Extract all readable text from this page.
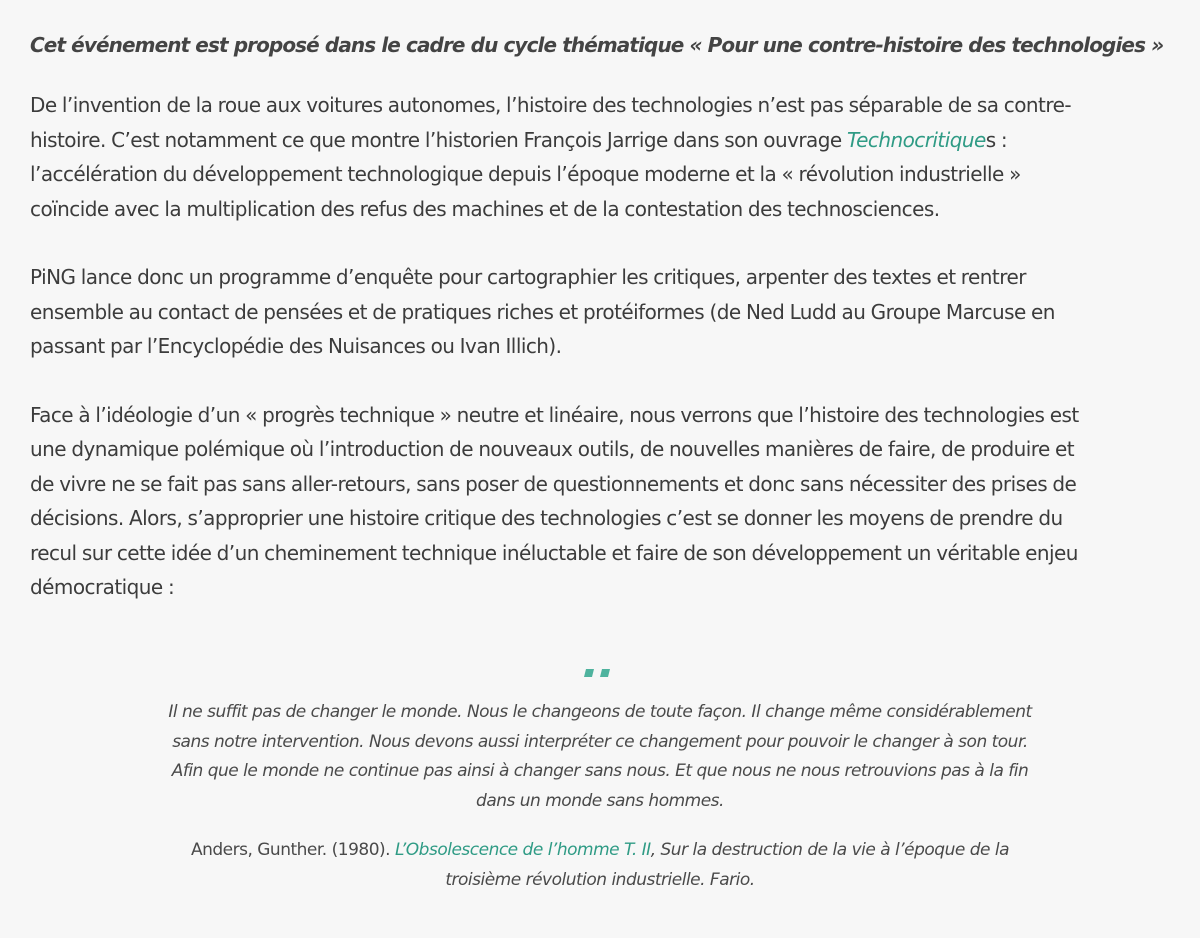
Cet événement est proposé dans le cadre du cycle thématique « Pour une contre-histoire des technologies »

De l’invention de la roue aux voitures autonomes, l’histoire des technologies n’est pas séparable de sa contre-
histoire. C’est notamment ce que montre l’historien François Jarrige dans son ouvrage Technocritiques :
l’accélération du développement technologique depuis l’époque moderne et la « révolution industrielle »
coïncide avec la multiplication des refus des machines et de la contestation des technosciences.

PiNG lance donc un programme d’enquête pour cartographier les critiques, arpenter des textes et rentrer
ensemble au contact de pensées et de pratiques riches et protéiformes (de Ned Ludd au Groupe Marcuse en
passant par l’Encyclopédie des Nuisances ou Ivan Illich).

Face à l’idéologie d’un « progrès technique » neutre et linéaire, nous verrons que l’histoire des technologies est
une dynamique polémique où l’introduction de nouveaux outils, de nouvelles manières de faire, de produire et
de vivre ne se fait pas sans aller-retours, sans poser de questionnements et donc sans nécessiter des prises de
décisions. Alors, s’approprier une histoire critique des technologies c’est se donner les moyens de prendre du
recul sur cette idée d’un cheminement technique inéluctable et faire de son développement un véritable enjeu
démocratique :

Il ne suffit pas de changer le monde. Nous le changeons de toute façon. Il change même considérablement
sans notre intervention. Nous devons aussi interpréter ce changement pour pouvoir le changer à son tour.
Afin que le monde ne continue pas ainsi à changer sans nous. Et que nous ne nous retrouvions pas à la fin
dans un monde sans hommes.

Anders, Gunther. (1980). L’Obsolescence de l’homme T. II, Sur la destruction de la vie à l’époque de la
troisième révolution industrielle. Fario.
